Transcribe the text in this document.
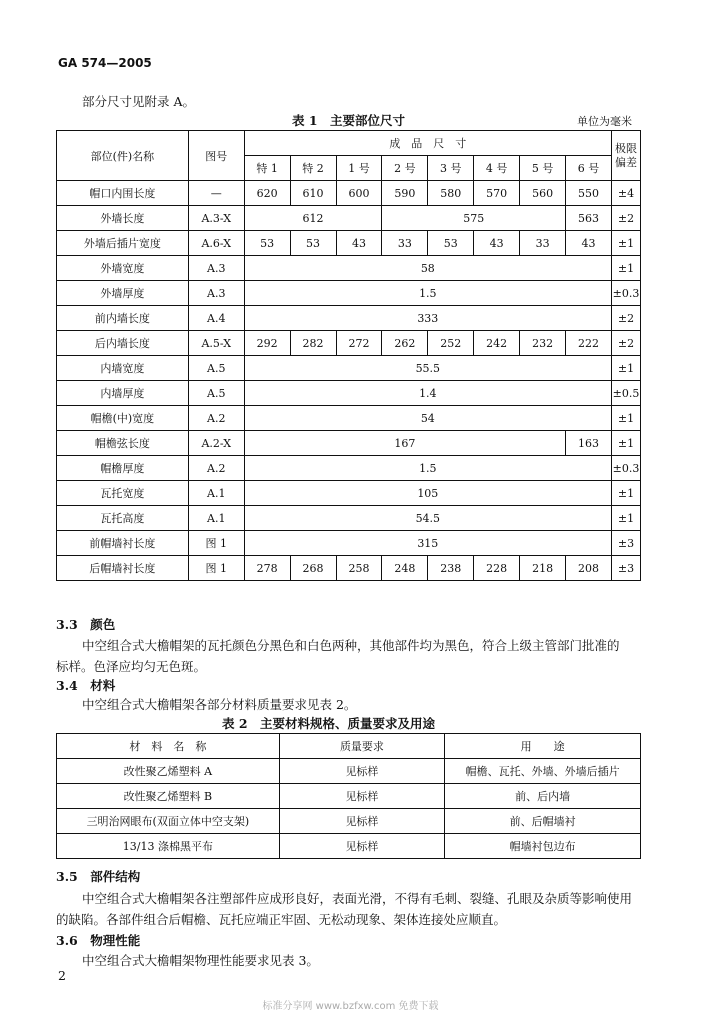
GA 574—2005
部分尺寸见附录 A。
表 1　主要部位尺寸	单位为毫米
部位(件)名称	图号	成　品　尺　寸								极限偏差
		特 1	特 2	1 号	2 号	3 号	4 号	5 号	6 号	
帽口内围长度	—	620	610	600	590	580	570	560	550	±4
外墙长度	A.3-X	612			575				563	±2
外墙后插片宽度	A.6-X	53	53	43	33	53	43	33	43	±1
外墙宽度	A.3	58								±1
外墙厚度	A.3	1.5								±0.3
前内墙长度	A.4	333								±2
后内墙长度	A.5-X	292	282	272	262	252	242	232	222	±2
内墙宽度	A.5	55.5								±1
内墙厚度	A.5	1.4								±0.5
帽檐(中)宽度	A.2	54								±1
帽檐弦长度	A.2-X	167							163	±1
帽檐厚度	A.2	1.5								±0.3
瓦托宽度	A.1	105								±1
瓦托高度	A.1	54.5								±1
前帽墙衬长度	图 1	315								±3
后帽墙衬长度	图 1	278	268	258	248	238	228	218	208	±3
3.3　 颜色
中空组合式大檐帽架的瓦托颜色分黑色和白色两种，其他部件均为黑色，符合上级主管部门批准的
标样。色泽应均匀无色斑。
3.4　 材料
中空组合式大檐帽架各部分材料质量要求见表 2。
表 2　主要材料规格、质量要求及用途
材　料　名　称	质量要求	用　　途
改性聚乙烯塑料 A	见标样	帽檐、瓦托、外墙、外墙后插片
改性聚乙烯塑料 B	见标样	前、后内墙
三明治网眼布(双面立体中空支架)	见标样	前、后帽墙衬
13/13 涤棉黑平布	见标样	帽墙衬包边布
3.5　 部件结构
中空组合式大檐帽架各注塑部件应成形良好，表面光滑，不得有毛刺、裂缝、孔眼及杂质等影响使用
的缺陷。各部件组合后帽檐、瓦托应端正牢固、无松动现象、架体连接处应顺直。
3.6　 物理性能
中空组合式大檐帽架物理性能要求见表 3。
2
标准分享网 www.bzfxw.com 免费下载
